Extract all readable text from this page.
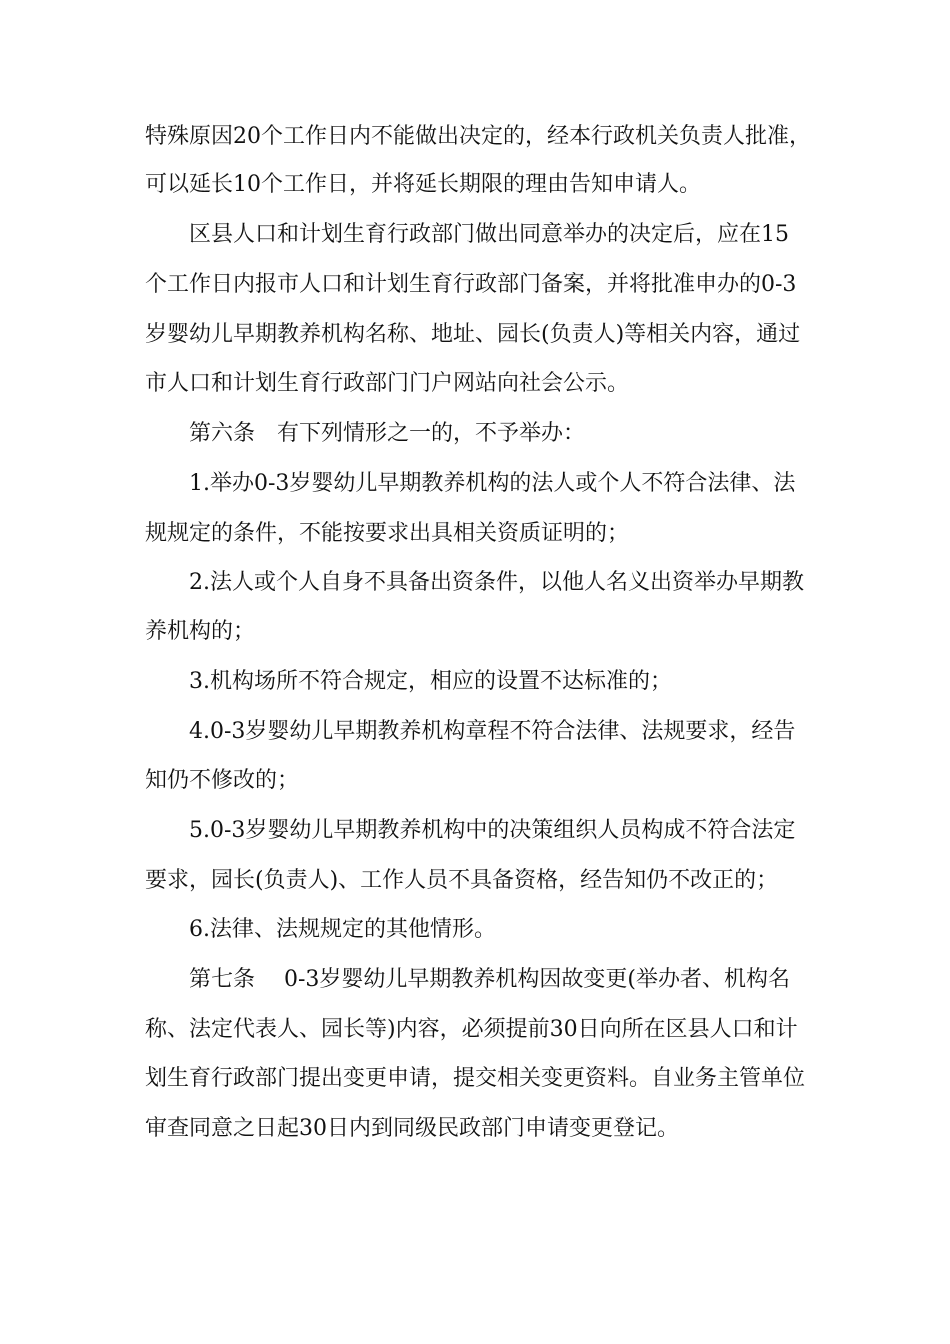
特殊原因20个工作日内不能做出决定的，经本行政机关负责人批准，
可以延长10个工作日，并将延长期限的理由告知申请人。
区县人口和计划生育行政部门做出同意举办的决定后，应在15
个工作日内报市人口和计划生育行政部门备案，并将批准申办的0-3
岁婴幼儿早期教养机构名称、地址、园长(负责人)等相关内容，通过
市人口和计划生育行政部门门户网站向社会公示。
第六条　有下列情形之一的，不予举办：
1.举办0-3岁婴幼儿早期教养机构的法人或个人不符合法律、法
规规定的条件，不能按要求出具相关资质证明的；
2.法人或个人自身不具备出资条件，以他人名义出资举办早期教
养机构的；
3.机构场所不符合规定，相应的设置不达标准的；
4.0-3岁婴幼儿早期教养机构章程不符合法律、法规要求，经告
知仍不修改的；
5.0-3岁婴幼儿早期教养机构中的决策组织人员构成不符合法定
要求，园长(负责人)、工作人员不具备资格，经告知仍不改正的；
6.法律、法规规定的其他情形。
第七条　 0-3岁婴幼儿早期教养机构因故变更(举办者、机构名
称、法定代表人、园长等)内容，必须提前30日向所在区县人口和计
划生育行政部门提出变更申请，提交相关变更资料。自业务主管单位
审查同意之日起30日内到同级民政部门申请变更登记。
